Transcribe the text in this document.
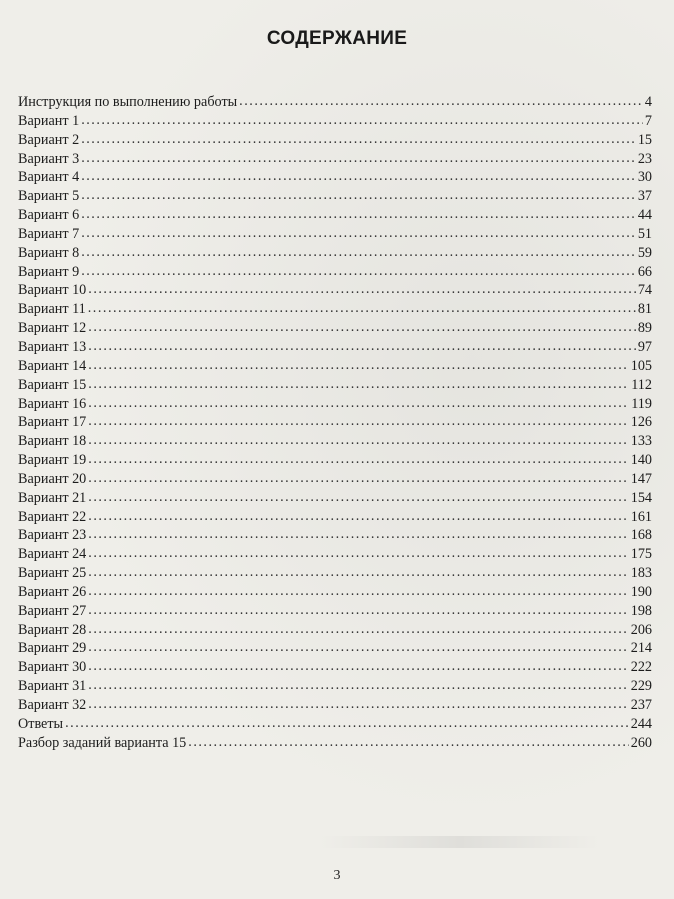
СОДЕРЖАНИЕ
Инструкция по выполнению работы .....	4
Вариант 1 .....	7
Вариант 2 .....	15
Вариант 3 .....	23
Вариант 4 .....	30
Вариант 5 .....	37
Вариант 6 .....	44
Вариант 7 .....	51
Вариант 8 .....	59
Вариант 9 .....	66
Вариант 10 .....	74
Вариант 11 .....	81
Вариант 12 .....	89
Вариант 13 .....	97
Вариант 14 .....	105
Вариант 15 .....	112
Вариант 16 .....	119
Вариант 17 .....	126
Вариант 18 .....	133
Вариант 19 .....	140
Вариант 20 .....	147
Вариант 21 .....	154
Вариант 22 .....	161
Вариант 23 .....	168
Вариант 24 .....	175
Вариант 25 .....	183
Вариант 26 .....	190
Вариант 27 .....	198
Вариант 28 .....	206
Вариант 29 .....	214
Вариант 30 .....	222
Вариант 31 .....	229
Вариант 32 .....	237
Ответы .....	244
Разбор заданий варианта 15 .....	260
3
